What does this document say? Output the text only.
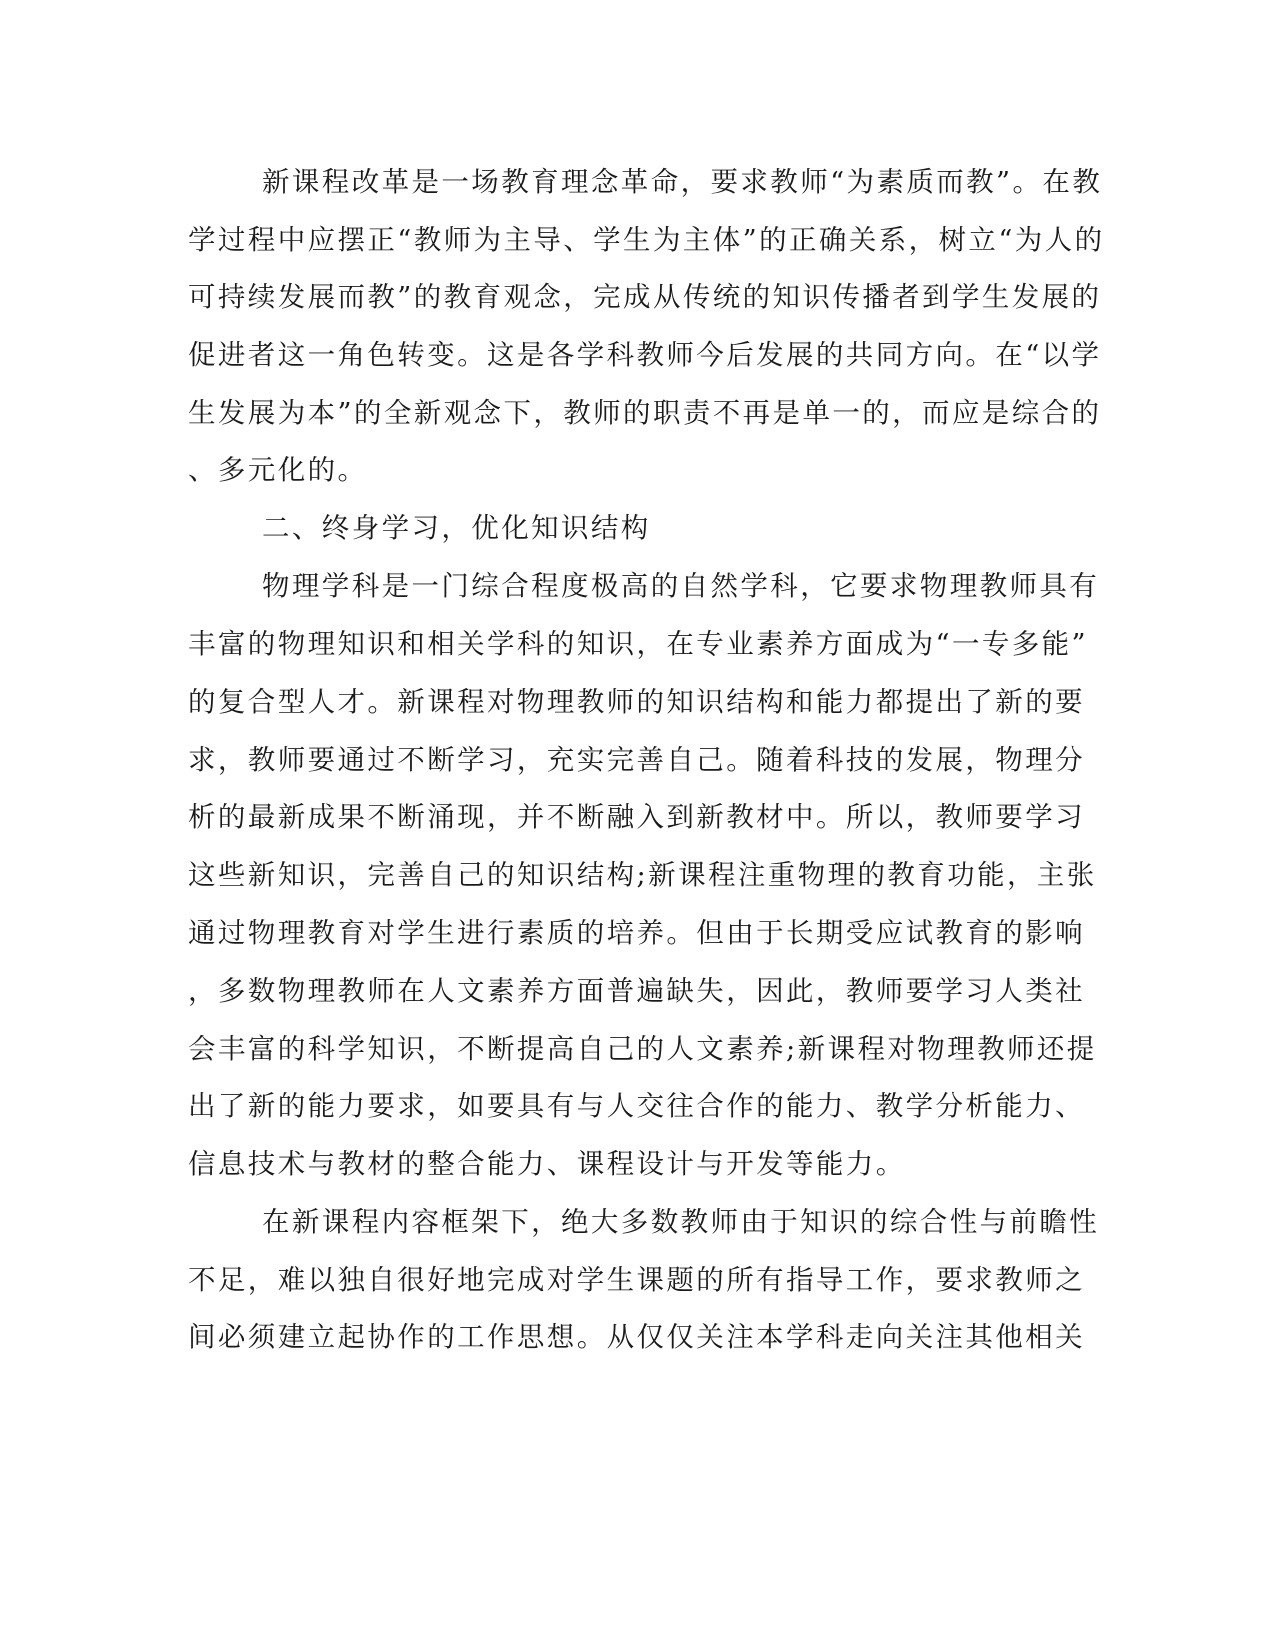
新课程改革是一场教育理念革命，要求教师“为素质而教”。在教
学过程中应摆正“教师为主导、学生为主体”的正确关系，树立“为人的
可持续发展而教”的教育观念，完成从传统的知识传播者到学生发展的
促进者这一角色转变。这是各学科教师今后发展的共同方向。在“以学
生发展为本”的全新观念下，教师的职责不再是单一的，而应是综合的
、多元化的。
二、终身学习，优化知识结构
物理学科是一门综合程度极高的自然学科，它要求物理教师具有
丰富的物理知识和相关学科的知识，在专业素养方面成为“一专多能”
的复合型人才。新课程对物理教师的知识结构和能力都提出了新的要
求，教师要通过不断学习，充实完善自己。随着科技的发展，物理分
析的最新成果不断涌现，并不断融入到新教材中。所以，教师要学习
这些新知识，完善自己的知识结构;新课程注重物理的教育功能，主张
通过物理教育对学生进行素质的培养。但由于长期受应试教育的影响
，多数物理教师在人文素养方面普遍缺失，因此，教师要学习人类社
会丰富的科学知识，不断提高自己的人文素养;新课程对物理教师还提
出了新的能力要求，如要具有与人交往合作的能力、教学分析能力、
信息技术与教材的整合能力、课程设计与开发等能力。
在新课程内容框架下，绝大多数教师由于知识的综合性与前瞻性
不足，难以独自很好地完成对学生课题的所有指导工作，要求教师之
间必须建立起协作的工作思想。从仅仅关注本学科走向关注其他相关
